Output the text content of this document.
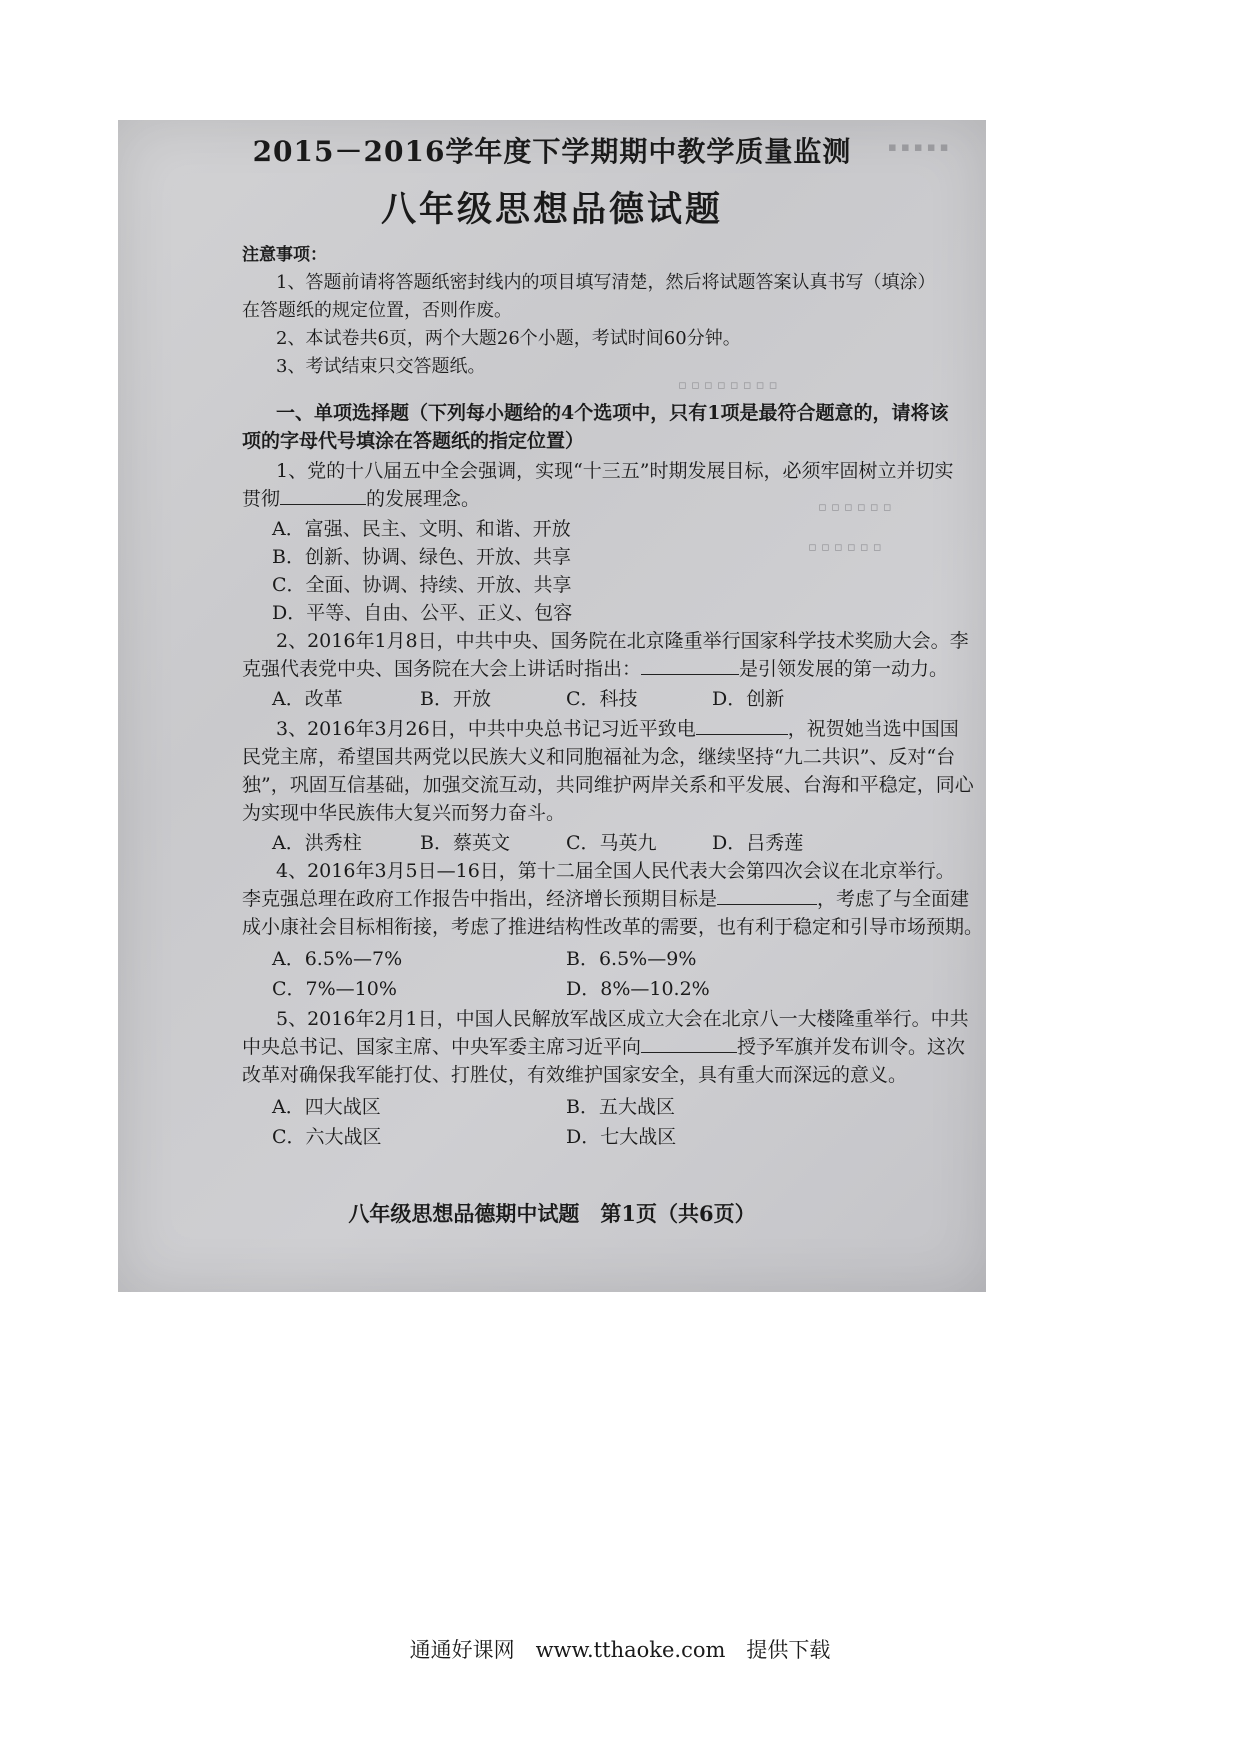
▪ ▪ ▪ ▪ ▪
▫ ▫ ▫ ▫ ▫ ▫ ▫ ▫
▫ ▫ ▫ ▫ ▫ ▫
▫ ▫ ▫ ▫ ▫ ▫
2015－2016学年度下学期期中教学质量监测
八年级思想品德试题
注意事项：
1、答题前请将答题纸密封线内的项目填写清楚，然后将试题答案认真书写（填涂）
在答题纸的规定位置，否则作废。
2、本试卷共6页，两个大题26个小题，考试时间60分钟。
3、考试结束只交答题纸。
一、单项选择题（下列每小题给的4个选项中，只有1项是最符合题意的，请将该
项的字母代号填涂在答题纸的指定位置）
1、党的十八届五中全会强调，实现“十三五”时期发展目标，必须牢固树立并切实
贯彻	的发展理念。
A．富强、民主、文明、和谐、开放
B．创新、协调、绿色、开放、共享
C．全面、协调、持续、开放、共享
D．平等、自由、公平、正义、包容
2、2016年1月8日，中共中央、国务院在北京隆重举行国家科学技术奖励大会。李
克强代表党中央、国务院在大会上讲话时指出：	是引领发展的第一动力。
A．改革	B．开放	C．科技	D．创新
3、2016年3月26日，中共中央总书记习近平致电	，祝贺她当选中国国
民党主席，希望国共两党以民族大义和同胞福祉为念，继续坚持“九二共识”、反对“台
独”，巩固互信基础，加强交流互动，共同维护两岸关系和平发展、台海和平稳定，同心
为实现中华民族伟大复兴而努力奋斗。
A．洪秀柱	B．蔡英文	C．马英九	D．吕秀莲
4、2016年3月5日—16日，第十二届全国人民代表大会第四次会议在北京举行。
李克强总理在政府工作报告中指出，经济增长预期目标是	，考虑了与全面建
成小康社会目标相衔接，考虑了推进结构性改革的需要，也有利于稳定和引导市场预期。
A．6.5%—7%	B．6.5%—9%
C．7%—10%	D．8%—10.2%
5、2016年2月1日，中国人民解放军战区成立大会在北京八一大楼隆重举行。中共
中央总书记、国家主席、中央军委主席习近平向	授予军旗并发布训令。这次
改革对确保我军能打仗、打胜仗，有效维护国家安全，具有重大而深远的意义。
A．四大战区	B．五大战区
C．六大战区	D．七大战区
八年级思想品德期中试题　第1页（共6页）
通通好课网　www.tthaoke.com　提供下载
